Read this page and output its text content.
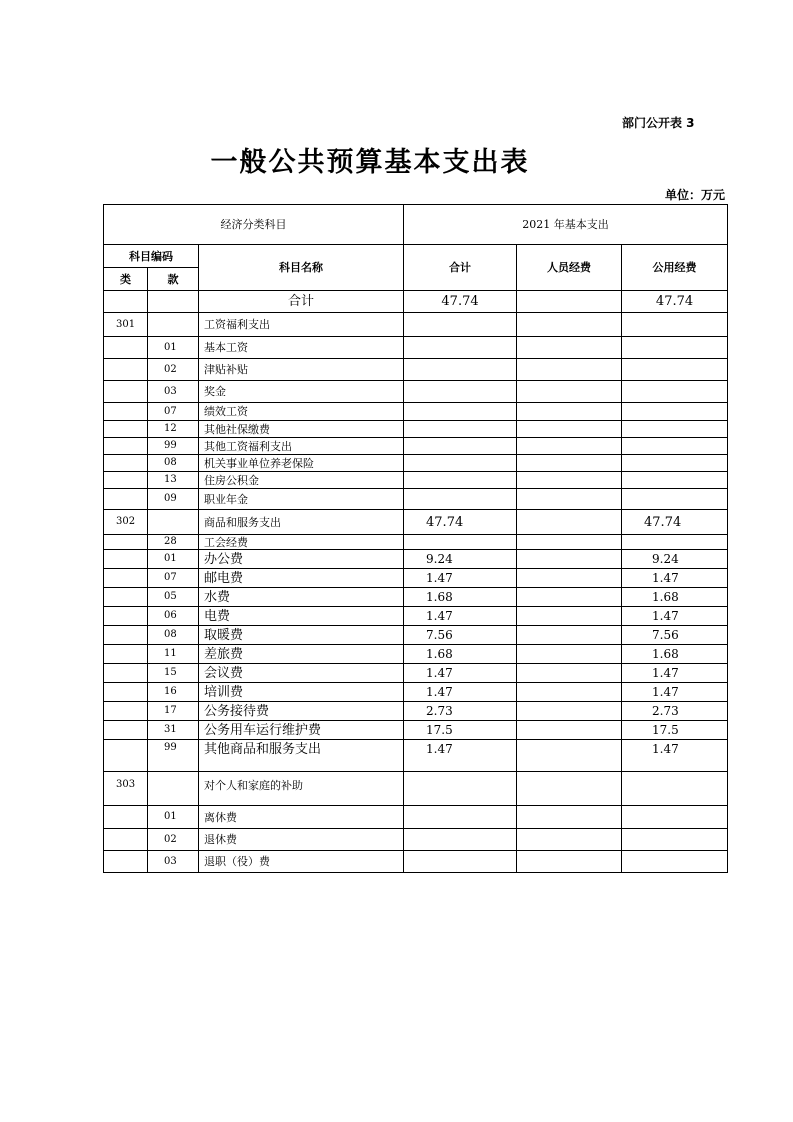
部门公开表 3
一般公共预算基本支出表
单位：万元
经济分类科目			2021 年基本支出		
科目编码		科目名称	合计	人员经费	公用经费
类	款				
		合计	47.74		47.74
301		工资福利支出			
	01	基本工资			
	02	津贴补贴			
	03	奖金			
	07	绩效工资			
	12	其他社保缴费			
	99	其他工资福利支出			
	08	机关事业单位养老保险			
	13	住房公积金			
	09	职业年金			
302		商品和服务支出	47.74		47.74
	28	工会经费			
	01	办公费	9.24		9.24
	07	邮电费	1.47		1.47
	05	水费	1.68		1.68
	06	电费	1.47		1.47
	08	取暖费	7.56		7.56
	11	差旅费	1.68		1.68
	15	会议费	1.47		1.47
	16	培训费	1.47		1.47
	17	公务接待费	2.73		2.73
	31	公务用车运行维护费	17.5		17.5
	99	其他商品和服务支出	1.47		1.47
303		对个人和家庭的补助			
	01	离休费			
	02	退休费			
	03	退职（役）费			
